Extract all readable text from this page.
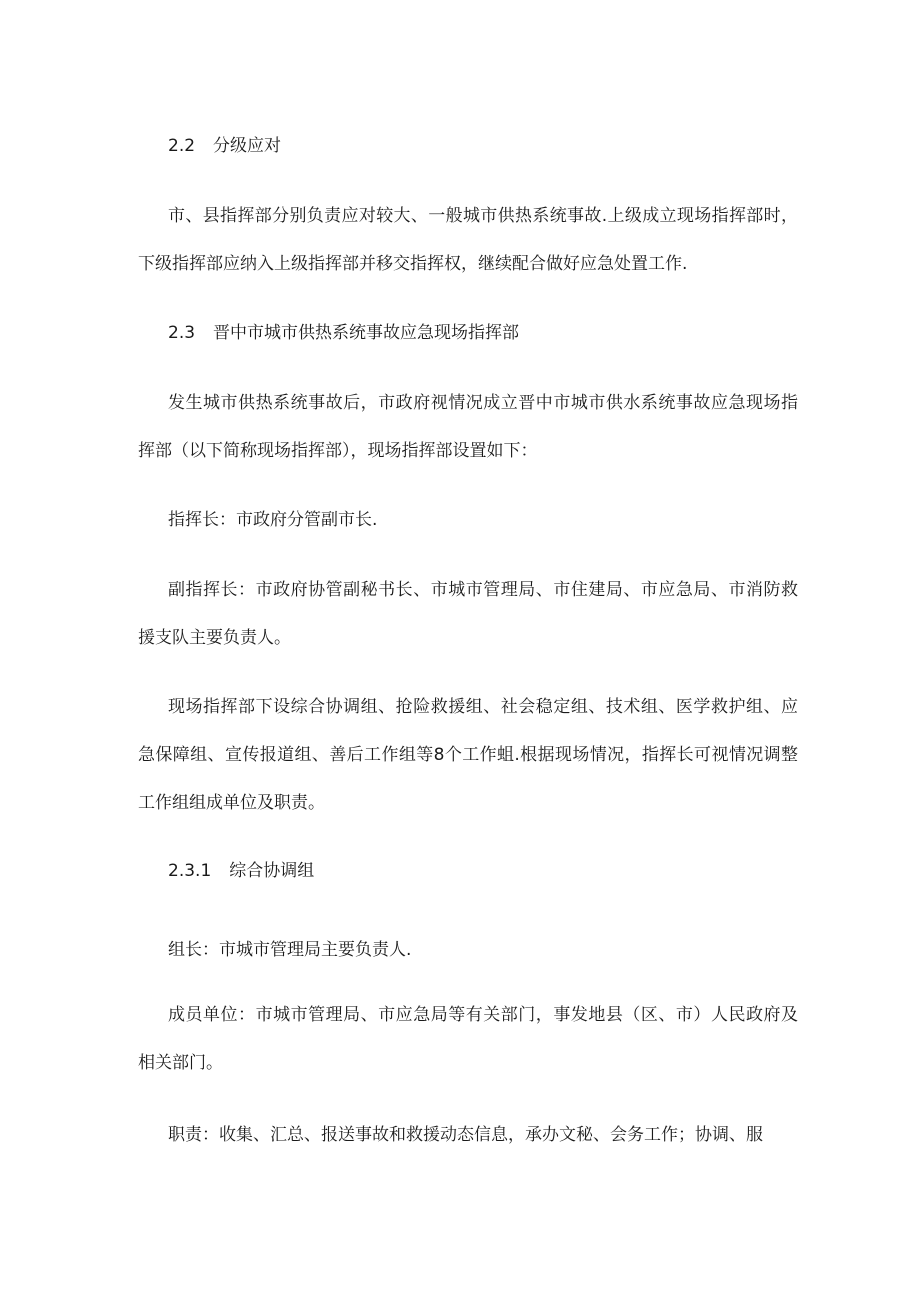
2.2 分级应对
市、县指挥部分别负责应对较大、一般城市供热系统事故.上级成立现场指挥部时，
下级指挥部应纳入上级指挥部并移交指挥权，继续配合做好应急处置工作.
2.3 晋中市城市供热系统事故应急现场指挥部
发生城市供热系统事故后，市政府视情况成立晋中市城市供水系统事故应急现场指
挥部（以下简称现场指挥部），现场指挥部设置如下：
指挥长：市政府分管副市长.
副指挥长：市政府协管副秘书长、市城市管理局、市住建局、市应急局、市消防救
援支队主要负责人。
现场指挥部下设综合协调组、抢险救援组、社会稳定组、技术组、医学救护组、应
急保障组、宣传报道组、善后工作组等8个工作蛆.根据现场情况，指挥长可视情况调整
工作组组成单位及职责。
2.3.1 综合协调组
组长：市城市管理局主要负责人.
成员单位：市城市管理局、市应急局等有关部门，事发地县（区、市）人民政府及
相关部门。
职责：收集、汇总、报送事故和救援动态信息，承办文秘、会务工作；协调、服
